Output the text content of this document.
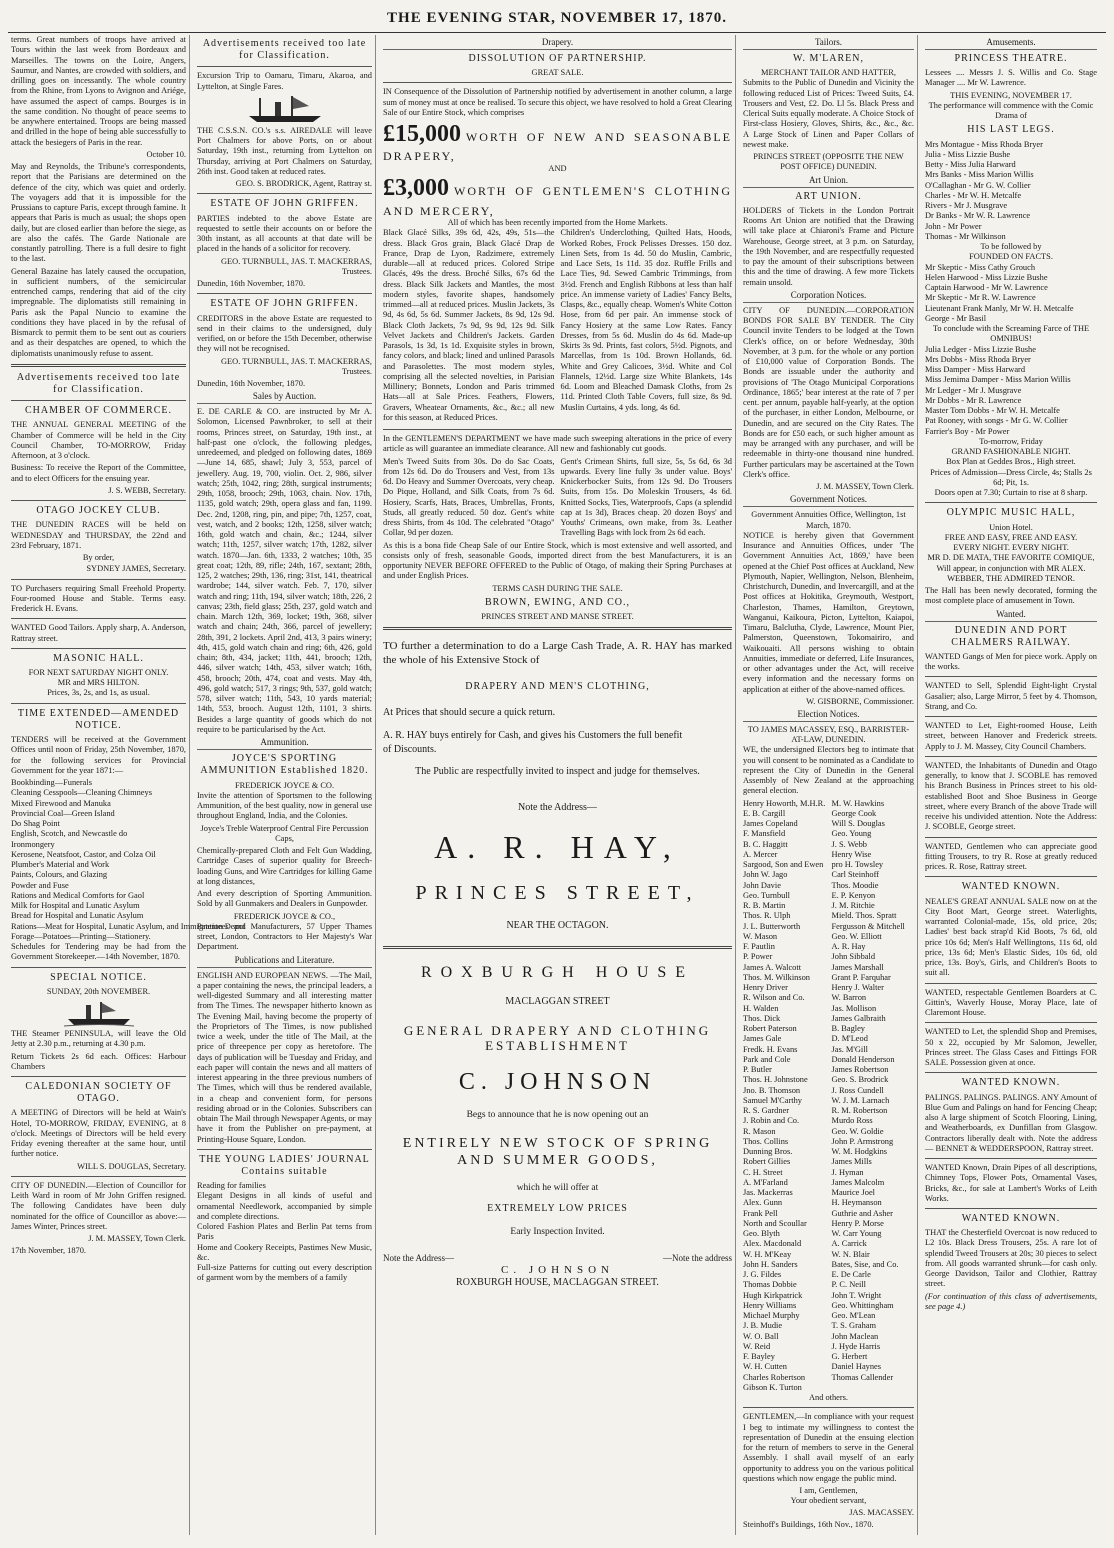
THE EVENING STAR, NOVEMBER 17, 1870.

terms. Great numbers of troops have arrived at Tours within the last week from Bordeaux and Marseilles. The towns on the Loire, Angers, Saumur, and Nantes, are crowded with soldiers, and drilling goes on incessantly. The whole country from the Rhine, from Lyons to Avignon and Ariége, have assumed the aspect of camps. Bourges is in the same condition. No thought of peace seems to be anywhere entertained. Troops are being massed and drilled in the hope of being able successfully to attack the besiegers of Paris in the rear.

October 10.

May and Reynolds, the Tribune's correspondents, report that the Parisians are determined on the defence of the city, which was quiet and orderly. The voyagers add that it is impossible for the Prussians to capture Paris, except through famine. It appears that Paris is much as usual; the shops open daily, but are closed earlier than before the siege, as are also the cafés. The Garde Nationale are constantly patrolling. There is a full desire to fight to the last.

General Bazaine has lately caused the occupation, in sufficient numbers, of the semicircular entrenched camps, rendering that aid of the city impregnable. The diplomatists still remaining in Paris ask the Papal Nuncio to examine the conditions they have placed in by the refusal of Bismarck to permit them to be sent out as couriers and as their despatches are opened, to which the diplomatists unanimously refuse to assent.

Advertisements received too late for Classification.
CHAMBER OF COMMERCE.

THE ANNUAL GENERAL MEETING of the Chamber of Commerce will be held in the City Council Chamber, TO-MORROW, Friday Afternoon, at 3 o'clock.

Business: To receive the Report of the Committee, and to elect Officers for the ensuing year.

J. S. WEBB, Secretary.
OTAGO JOCKEY CLUB.

THE DUNEDIN RACES will be held on WEDNESDAY and THURSDAY, the 22nd and 23rd February, 1871.

By order,
SYDNEY JAMES, Secretary.

TO Purchasers requiring Small Freehold Property. Four-roomed House and Stable. Terms easy. Frederick H. Evans.

WANTED Good Tailors. Apply sharp, A. Anderson, Rattray street.

MASONIC HALL.
FOR NEXT SATURDAY NIGHT ONLY.
MR and MRS HILTON.
Prices, 3s, 2s, and 1s, as usual.
TIME EXTENDED—AMENDED NOTICE.

TENDERS will be received at the Government Offices until noon of Friday, 25th November, 1870, for the following services for Provincial Government for the year 1871:—

Bookbinding—Funerals
Cleaning Cesspools—Cleaning Chimneys
Mixed Firewood and Manuka
Provincial Coal—Green Island
Do Shag Point
English, Scotch, and Newcastle do
Ironmongery
Kerosene, Neatsfoot, Castor, and Colza Oil
Plumber's Material and Work
Paints, Colours, and Glazing
Powder and Fuse
Rations and Medical Comforts for Gaol
Milk for Hospital and Lunatic Asylum
Bread for Hospital and Lunatic Asylum
Rations—Meat for Hospital, Lunatic Asylum, and Immigration Depot
Forage—Potatoes—Printing—Stationery.

Schedules for Tendering may be had from the Government Storekeeper.—14th November, 1870.

SPECIAL NOTICE.
SUNDAY, 20th NOVEMBER.

THE Steamer PENINSULA, will leave the Old Jetty at 2.30 p.m., returning at 4.30 p.m.

Return Tickets 2s 6d each. Offices: Harbour Chambers

CALEDONIAN SOCIETY OF OTAGO.

A MEETING of Directors will be held at Wain's Hotel, TO-MORROW, FRIDAY, EVENING, at 8 o'clock. Meetings of Directors will be held every Friday evening thereafter at the same hour, until further notice.

WILL S. DOUGLAS, Secretary.

CITY OF DUNEDIN.—Election of Councillor for Leith Ward in room of Mr John Griffen resigned. The following Candidates have been duly nominated for the office of Councillor as above:— James Winter, Princes street.

J. M. MASSEY, Town Clerk.

17th November, 1870.

Advertisements received too late for Classification.

Excursion Trip to Oamaru, Timaru, Akaroa, and Lyttelton, at Single Fares.

THE C.S.S.N. CO.'s s.s. AIREDALE will leave Port Chalmers for above Ports, on or about Saturday, 19th inst., returning from Lyttelton on Thursday, arriving at Port Chalmers on Saturday, 26th inst. Good taken at reduced rates.

GEO. S. BRODRICK, Agent, Rattray st.
ESTATE OF JOHN GRIFFEN.

PARTIES indebted to the above Estate are requested to settle their accounts on or before the 30th instant, as all accounts at that date will be placed in the hands of a solicitor for recovery.

GEO. TURNBULL, JAS. T. MACKERRAS, Trustees.

Dunedin, 16th November, 1870.

ESTATE OF JOHN GRIFFEN.

CREDITORS in the above Estate are requested to send in their claims to the undersigned, duly verified, on or before the 15th December, otherwise they will not be recognised.

GEO. TURNBULL, JAS. T. MACKERRAS, Trustees.

Dunedin, 16th November, 1870.

Sales by Auction.

E. DE CARLE & CO. are instructed by Mr A. Solomon, Licensed Pawnbroker, to sell at their rooms, Princes street, on Saturday, 19th inst., at half-past one o'clock, the following pledges, unredeemed, and pledged on following dates, 1869—June 14, 685, shawl; July 3, 553, parcel of jewellery. Aug. 19, 700, violin. Oct. 2, 986, silver watch; 25th, 1042, ring; 28th, surgical instruments; 29th, 1058, brooch; 29th, 1063, chain. Nov. 17th, 1135, gold watch; 29th, opera glass and fan, 1199. Dec. 2nd, 1208, ring, pin, and pipe; 7th, 1257, coat, vest, watch, and 2 books; 12th, 1258, silver watch; 16th, gold watch and chain, &c.; 1244, silver watch; 11th, 1257, silver watch; 17th, 1282, silver watch. 1870—Jan. 6th, 1333, 2 watches; 10th, 35 great coat; 12th, 89, rifle; 24th, 167, sextant; 28th, 125, 2 watches; 29th, 136, ring; 31st, 141, theatrical wardrobe; 144, silver watch. Feb. 7, 170, silver watch and ring; 11th, 194, silver watch; 18th, 226, 2 canvas; 23th, field glass; 25th, 237, gold watch and chain. March 12th, 369, locket; 19th, 368, silver watch and chain; 24th, 366, parcel of jewellery; 28th, 391, 2 lockets. April 2nd, 413, 3 pairs winery; 4th, 415, gold watch chain and ring; 6th, 426, gold chain; 8th, 434, jacket; 11th, 441, brooch; 12th, 446, silver watch; 14th, 453, silver watch; 16th, 458, brooch; 20th, 474, coat and vests. May 4th, 496, gold watch; 517, 3 rings; 9th, 537, gold watch; 578, silver watch; 11th, 543, 10 yards material; 14th, 553, brooch. August 12th, 1101, 3 shirts. Besides a large quantity of goods which do not require to be particularised by the Act.

Ammunition.
JOYCE'S SPORTING AMMUNITION Established 1820.
FREDERICK JOYCE & CO.

Invite the attention of Sportsmen to the following Ammunition, of the best quality, now in general use throughout England, India, and the Colonies.

Joyce's Treble Waterproof Central Fire Percussion Caps,

Chemically-prepared Cloth and Felt Gun Wadding, Cartridge Cases of superior quality for Breech-loading Guns, and Wire Cartridges for killing Game at long distances,

And every description of Sporting Ammunition. Sold by all Gunmakers and Dealers in Gunpowder.

FREDERICK JOYCE & CO.,

Patentees and Manufacturers, 57 Upper Thames street, London, Contractors to Her Majesty's War Department.

Publications and Literature.

ENGLISH AND EUROPEAN NEWS. —The Mail, a paper containing the news, the principal leaders, a well-digested Summary and all interesting matter from The Times. The newspaper hitherto known as The Evening Mail, having become the property of the Proprietors of The Times, is now published twice a week, under the title of The Mail, at the price of threepence per copy as heretofore. The days of publication will be Tuesday and Friday, and each paper will contain the news and all matters of interest appearing in the three previous numbers of The Times, which will thus be rendered available, in a cheap and convenient form, for persons residing abroad or in the Colonies. Subscribers can obtain The Mail through Newspaper Agents, or may have it from the Publisher on pre-payment, at Printing-House Square, London.

THE YOUNG LADIES' JOURNAL Contains suitable
Reading for families
Elegant Designs in all kinds of useful and ornamental Needlework, accompanied by simple and complete directions.
Colored Fashion Plates and Berlin Pat terns from Paris
Home and Cookery Receipts, Pastimes New Music, &c.
Full-size Patterns for cutting out every description of garment worn by the members of a family
Drapery.
DISSOLUTION OF PARTNERSHIP.
GREAT SALE.

IN Consequence of the Dissolution of Partnership notified by advertisement in another column, a large sum of money must at once be realised. To secure this object, we have resolved to hold a Great Clearing Sale of our Entire Stock, which comprises

£15,000 WORTH OF NEW AND SEASONABLE DRAPERY,
AND
£3,000 WORTH OF GENTLEMEN'S CLOTHING AND MERCERY,
All of which has been recently imported from the Home Markets.

Black Glacé Silks, 39s 6d, 42s, 49s, 51s—the dress. Black Gros grain, Black Glacé Drap de France, Drap de Lyon, Radzimere, extremely durable—all at reduced prices. Colored Stripe Glacés, 49s the dress. Broché Silks, 67s 6d the dress. Black Silk Jackets and Mantles, the most modern styles, favorite shapes, handsomely trimmed—all at reduced prices. Muslin Jackets, 3s 9d, 4s 6d, 5s 6d. Summer Jackets, 8s 9d, 12s 9d. Black Cloth Jackets, 7s 9d, 9s 9d, 12s 9d. Silk Velvet Jackets and Children's Jackets. Garden Parasols, 1s 3d, 1s 1d. Exquisite styles in brown, fancy colors, and black; lined and unlined Parasols and Parasolettes. The most modern styles, comprising all the selected novelties, in Parisian Millinery; Bonnets, London and Paris trimmed Hats—all at Sale Prices. Feathers, Flowers, Gravers, Wheatear Ornaments, &c., &c.; all new for this season, at Reduced Prices.

Children's Underclothing, Quilted Hats, Hoods, Worked Robes, Frock Pelisses Dresses. 150 doz. Linen Sets, from 1s 4d. 50 do Muslin, Cambric, and Lace Sets, 1s 11d. 35 doz. Ruffle Frills and Lace Ties, 9d. Sewed Cambric Trimmings, from 3½d. French and English Ribbons at less than half price. An immense variety of Ladies' Fancy Belts, Clasps, &c., equally cheap. Women's White Cotton Hose, from 6d per pair. An immense stock of Fancy Hosiery at the same Low Rates. Fancy Dresses, from 5s 6d. Muslin do 4s 6d. Made-up Skirts 3s 9d. Prints, fast colors, 5½d. Pignots, and Marcellas, from 1s 10d. Brown Hollands, 6d. White and Grey Calicoes, 3½d. White and Col Flannels, 12½d. Large size White Blankets, 14s 6d. Loom and Bleached Damask Cloths, from 2s 11d. Printed Cloth Table Covers, full size, 8s 9d. Muslin Curtains, 4 yds. long, 4s 6d.

In the GENTLEMEN'S DEPARTMENT we have made such sweeping alterations in the price of every article as will guarantee an immediate clearance. All new and fashionably cut goods.

Men's Tweed Suits from 30s. Do do Sac Coats, from 12s 6d. Do do Trousers and Vest, from 13s 6d. Do Heavy and Summer Overcoats, very cheap. Do Pique, Holland, and Silk Coats, from 7s 6d. Hosiery, Scarfs, Hats, Braces, Umbrellas, Fronts, Studs, all greatly reduced. 50 doz. Gent's white dress Shirts, from 4s 10d. The celebrated "Otago" Collar, 9d per dozen.

Gent's Crimean Shirts, full size, 5s, 5s 6d, 6s 3d upwards. Every line fully 3s under value. Boys' Knickerbocker Suits, from 12s 9d. Do Trousers Suits, from 15s. Do Moleskin Trousers, 4s 6d. Knitted Socks, Ties, Waterproofs, Caps (a splendid cap at 1s 3d), Braces cheap. 20 dozen Boys' and Youths' Crimeans, own make, from 3s. Leather Travelling Bags with lock from 2s 6d each.

As this is a bona fide Cheap Sale of our Entire Stock, which is most extensive and well assorted, and consists only of fresh, seasonable Goods, imported direct from the best Manufacturers, it is an opportunity NEVER BEFORE OFFERED to the Public of Otago, of making their Spring Purchases at and under English Prices.

TERMS CASH DURING THE SALE.
BROWN, EWING, AND CO.,
PRINCES STREET AND MANSE STREET.

TO further a determination to do a Large Cash Trade, A. R. HAY has marked the whole of his Extensive Stock of

DRAPERY AND MEN'S CLOTHING,

At Prices that should secure a quick return.

A. R. HAY buys entirely for Cash, and gives his Customers the full benefit

of Discounts.

The Public are respectfully invited to inspect and judge for themselves.

Note the Address—
A. R. HAY,
PRINCES STREET,
NEAR THE OCTAGON.
ROXBURGH HOUSE
MACLAGGAN STREET
GENERAL DRAPERY AND CLOTHING ESTABLISHMENT
C. JOHNSON
Begs to announce that he is now opening out an
ENTIRELY NEW STOCK OF SPRING AND SUMMER GOODS,
which he will offer at
EXTREMELY LOW PRICES
Early Inspection Invited.
Note the Address—	—Note the address
C. JOHNSON
ROXBURGH HOUSE, MACLAGGAN STREET.
Tailors.
W. M'LAREN,
MERCHANT TAILOR AND HATTER,

Submits to the Public of Dunedin and Vicinity the following reduced List of Prices: Tweed Suits, £4. Trousers and Vest, £2. Do. Ll 5s. Black Press and Clerical Suits equally moderate. A Choice Stock of First-class Hosiery, Gloves, Shirts, &c., &c., &c. A Large Stock of Linen and Paper Collars of newest make.

PRINCES STREET (OPPOSITE THE NEW POST OFFICE) DUNEDIN.
Art Union.
ART UNION.

HOLDERS of Tickets in the London Portrait Rooms Art Union are notified that the Drawing will take place at Chiaroni's Frame and Picture Warehouse, George street, at 3 p.m. on Saturday, the 19th November, and are respectfully requested to pay the amount of their subscriptions between this and the time of drawing. A few more Tickets remain unsold.

Corporation Notices.

CITY OF DUNEDIN.—CORPORATION BONDS FOR SALE BY TENDER. The City Council invite Tenders to be lodged at the Town Clerk's office, on or before Wednesday, 30th November, at 3 p.m. for the whole or any portion of £10,000 value of Corporation Bonds. The Bonds are issuable under the authority and provisions of 'The Otago Municipal Corporations Ordinance, 1865;' bear interest at the rate of 7 per cent. per annum, payable half-yearly, at the option of the purchaser, in either London, Melbourne, or Dunedin, and are secured on the City Rates. The Bonds are for £50 each, or such higher amount as may be arranged with any purchaser, and will be redeemable in thirty-one thousand nine hundred. Further particulars may be ascertained at the Town Clerk's office.

J. M. MASSEY, Town Clerk.
Government Notices.
Government Annuities Office, Wellington, 1st March, 1870.

NOTICE is hereby given that Government Insurance and Annuities Offices, under 'The Government Annuities Act, 1869,' have been opened at the Chief Post offices at Auckland, New Plymouth, Napier, Wellington, Nelson, Blenheim, Christchurch, Dunedin, and Invercargill, and at the Post offices at Hokitika, Greymouth, Westport, Charleston, Thames, Hamilton, Greytown, Wanganui, Kaikoura, Picton, Lyttelton, Kaiapoi, Timaru, Balclutha, Clyde, Lawrence, Mount Pier, Palmerston, Queenstown, Tokomairiro, and Waikouaiti. All persons wishing to obtain Annuities, immediate or deferred, Life Insurances, or other advantages under the Act, will receive every information and the necessary forms on application at either of the above-named offices.

W. GISBORNE, Commissioner.
Election Notices.
TO JAMES MACASSEY, ESQ., BARRISTER-AT-LAW, DUNEDIN.

WE, the undersigned Electors beg to intimate that you will consent to be nominated as a Candidate to represent the City of Dunedin in the General Assembly of New Zealand at the approaching general election.

Henry Howorth, M.H.R.
E. B. Cargill
James Copeland
F. Mansfield
B. C. Haggitt
A. Mercer
Sargood, Son and Ewen
John W. Jago
John Davie
Geo. Turnbull
R. B. Martin
Thos. R. Ulph
J. L. Butterworth
W. Mason
F. Pautlin
P. Power
James A. Walcott
Thos. M. Wilkinson
Henry Driver
R. Wilson and Co.
H. Walden
Thos. Dick
Robert Paterson
James Gale
Fredk. H. Evans
Park and Cole
P. Butler
Thos. H. Johnstone
Jno. B. Thomson
Samuel M'Carthy
R. S. Gardner
J. Robin and Co.
R. Mason
Thos. Collins
Dunning Bros.
Robert Gillies
C. H. Street
A. M'Farland
Jas. Mackerras
Alex. Gunn
Frank Pell
North and Scoullar
Geo. Blyth
Alex. Macdonald
W. H. M'Keay
John H. Sanders
J. G. Fildes
Thomas Dobbie
Hugh Kirkpatrick
Henry Williams
Michael Murphy
J. B. Mudie
W. O. Ball
W. Reid
F. Bayley
W. H. Cutten
Charles Robertson
Gibson K. Turton
M. W. Hawkins
George Cook
Will S. Douglas
Geo. Young
J. S. Webb
Henry Wise
pro H. Towsley
Carl Steinhoff
Thos. Moodie
E. P. Kenyon
J. M. Ritchie
Mield. Thos. Spratt
Fergusson & Mitchell
Geo. W. Elliott
A. R. Hay
John Sibbald
James Marshall
Grant P. Farquhar
Henry J. Walter
W. Barron
Jas. Mollison
James Galbraith
B. Bagley
D. M'Leod
Jas. M'Gill
Donald Henderson
James Robertson
Geo. S. Brodrick
J. Ross Cundell
W. J. M. Larnach
R. M. Robertson
Murdo Ross
Geo. W. Goldie
John P. Armstrong
W. M. Hodgkins
James Mills
J. Hyman
James Malcolm
Maurice Joel
H. Heymanson
Guthrie and Asher
Henry P. Morse
W. Carr Young
A. Carrick
W. N. Blair
Bates, Sise, and Co.
E. De Carle
P. C. Neill
John T. Wright
Geo. Whittingham
Geo. M'Lean
T. S. Graham
John Maclean
J. Hyde Harris
G. Herbert
Daniel Haynes
Thomas Callender
And others.

GENTLEMEN,—In compliance with your request I beg to intimate my willingness to contest the representation of Dunedin at the ensuing election for the return of members to serve in the General Assembly. I shall avail myself of an early opportunity to address you on the various political questions which now engage the public mind.

I am, Gentlemen,
Your obedient servant,
JAS. MACASSEY.

Steinhoff's Buildings, 16th Nov., 1870.

Amusements.
PRINCESS THEATRE.

Lessees .... Messrs J. S. Willis and Co. Stage Manager .... Mr W. Lawrence.

THIS EVENING, NOVEMBER 17.
The performance will commence with the Comic Drama of
HIS LAST LEGS.
Mrs Montague - Miss Rhoda Bryer
Julia - Miss Lizzie Bushe
Betty - Miss Julia Harward
Mrs Banks - Miss Marion Willis
O'Callaghan - Mr G. W. Collier
Charles - Mr W. H. Metcalfe
Rivers - Mr J. Musgrave
Dr Banks - Mr W. R. Lawrence
John - Mr Power
Thomas - Mr Wilkinson
To be followed by
FOUNDED ON FACTS.
Mr Skeptic - Miss Cathy Grouch
Helen Harwood - Miss Lizzie Bushe
Captain Harwood - Mr W. Lawrence
Mr Skeptic - Mr R. W. Lawrence
Lieutenant Frank Manly, Mr W. H. Metcalfe
George - Mr Basil
To conclude with the Screaming Farce of THE OMNIBUS!
Julia Ledger - Miss Lizzie Bushe
Mrs Dobbs - Miss Rhoda Bryer
Miss Damper - Miss Harward
Miss Jemima Damper - Miss Marion Willis
Mr Ledger - Mr J. Musgrave
Mr Dobbs - Mr R. Lawrence
Master Tom Dobbs - Mr W. H. Metcalfe
Pat Rooney, with songs - Mr G. W. Collier
Farrier's Boy - Mr Power
To-morrow, Friday
GRAND FASHIONABLE NIGHT.
Box Plan at Geddes Bros., High street.
Prices of Admission—Dress Circle, 4s; Stalls 2s 6d; Pit, 1s.
Doors open at 7.30; Curtain to rise at 8 sharp.
OLYMPIC MUSIC HALL,
Union Hotel.
FREE AND EASY, FREE AND EASY.
EVERY NIGHT. EVERY NIGHT.

MR D. DE MATA, THE FAVORITE COMIQUE, Will appear, in conjunction with MR ALEX. WEBBER, THE ADMIRED TENOR.

The Hall has been newly decorated, forming the most complete place of amusement in Town.

Wanted.
DUNEDIN AND PORT CHALMERS RAILWAY.

WANTED Gangs of Men for piece work. Apply on the works.

WANTED to Sell, Splendid Eight-light Crystal Gasalier; also, Large Mirror, 5 feet by 4. Thomson, Strang, and Co.

WANTED to Let, Eight-roomed House, Leith street, between Hanover and Frederick streets. Apply to J. M. Massey, City Council Chambers.

WANTED, the Inhabitants of Dunedin and Otago generally, to know that J. SCOBLE has removed his Branch Business in Princes street to his old-established Boot and Shoe Business in George street, where every Branch of the above Trade will receive his undivided attention. Note the Address: J. SCOBLE, George street.

WANTED, Gentlemen who can appreciate good fitting Trousers, to try R. Rose at greatly reduced prices. R. Rose, Rattray street.

WANTED KNOWN.

NEALE'S GREAT ANNUAL SALE now on at the City Boot Mart, George street. Waterlights, warranted Colonial-made, 15s, old price, 20s; Ladies' best back strap'd Kid Boots, 7s 6d, old price 10s 6d; Men's Half Wellingtons, 11s 6d, old price, 13s 6d; Men's Elastic Sides, 10s 6d, old price, 13s. Boy's, Girls, and Children's Boots to suit all.

WANTED, respectable Gentlemen Boarders at C. Gittin's, Waverly House, Moray Place, late of Claremont House.

WANTED to Let, the splendid Shop and Premises, 50 x 22, occupied by Mr Salomon, Jeweller, Princes street. The Glass Cases and Fittings FOR SALE. Possession given at once.

WANTED KNOWN.

PALINGS. PALINGS. PALINGS. ANY Amount of Blue Gum and Palings on hand for Fencing Cheap; also A large shipment of Scotch Flooring, Lining, and Weatherboards, ex Dunfillan from Glasgow. Contractors liberally dealt with. Note the address— BENNET & WEDDERSPOON, Rattray street.

WANTED Known, Drain Pipes of all descriptions, Chimney Tops, Flower Pots, Ornamental Vases, Bricks, &c., for sale at Lambert's Works of Leith Works.

WANTED KNOWN.

THAT the Chesterfield Overcoat is now reduced to L2 10s. Black Dress Trousers, 25s. A rare lot of splendid Tweed Trousers at 20s; 30 pieces to select from. All goods warranted shrunk—for cash only. George Davidson, Tailor and Clothier, Rattray street.

(For continuation of this class of advertisements, see page 4.)
